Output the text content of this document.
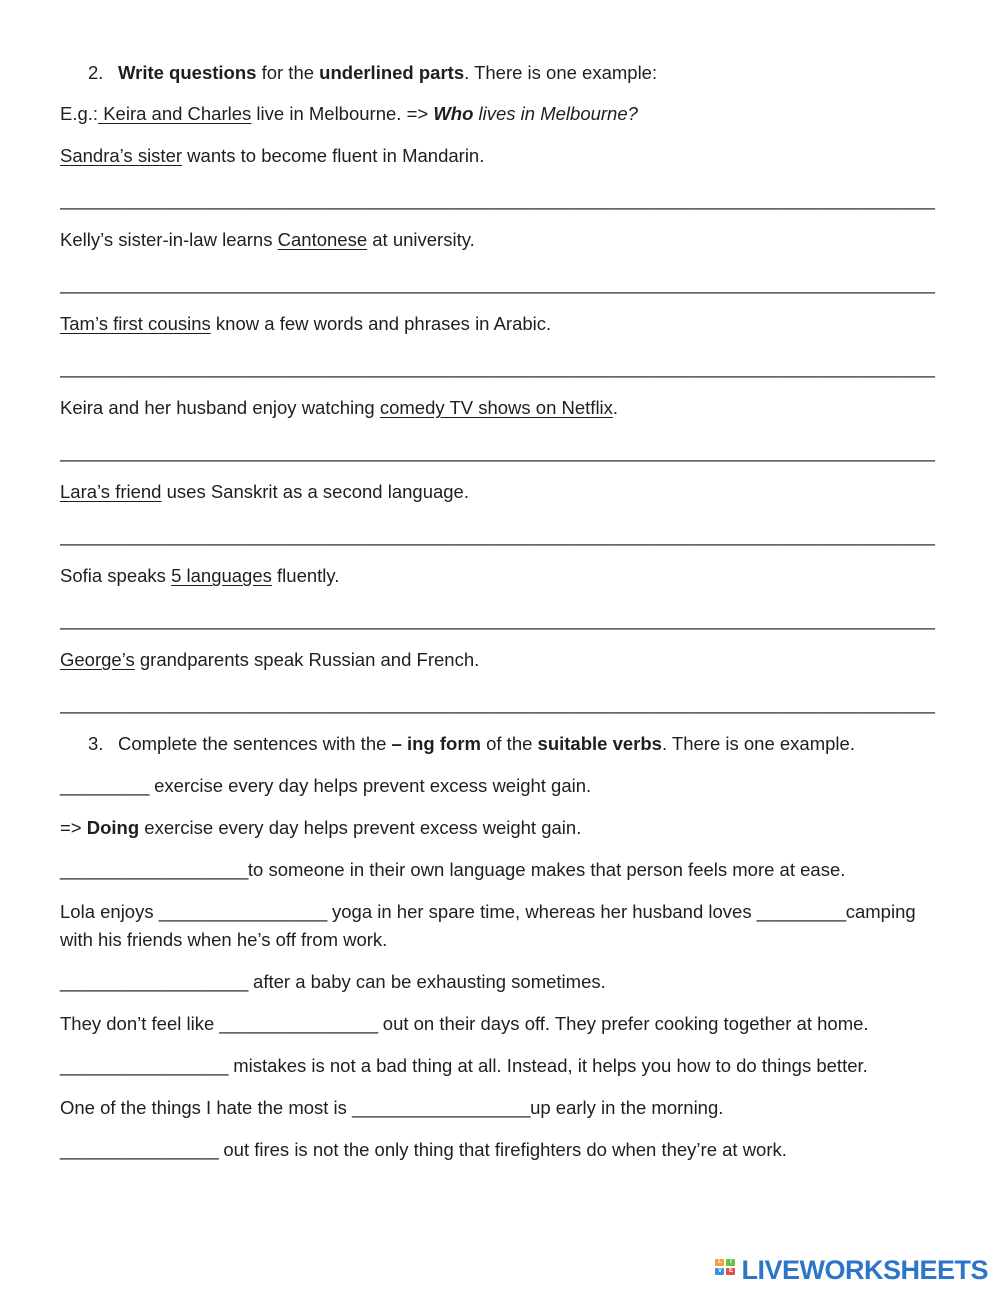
2. Write questions for the underlined parts. There is one example:
E.g.: Keira and Charles live in Melbourne. => Who lives in Melbourne?
Sandra’s sister wants to become fluent in Mandarin.
________________________________________________________________________________________
Kelly’s sister-in-law learns Cantonese at university.
________________________________________________________________________________________
Tam’s first cousins know a few words and phrases in Arabic.
________________________________________________________________________________________
Keira and her husband enjoy watching comedy TV shows on Netflix.
________________________________________________________________________________________
Lara’s friend uses Sanskrit as a second language.
________________________________________________________________________________________
Sofia speaks 5 languages fluently.
________________________________________________________________________________________
George’s grandparents speak Russian and French.
________________________________________________________________________________________
3. Complete the sentences with the – ing form of the suitable verbs. There is one example.
_________ exercise every day helps prevent excess weight gain.
=> Doing exercise every day helps prevent excess weight gain.
___________________to someone in their own language makes that person feels more at ease.
Lola enjoys _________________ yoga in her spare time, whereas her husband loves _________camping with his friends when he’s off from work.
___________________ after a baby can be exhausting sometimes.
They don’t feel like ________________ out on their days off. They prefer cooking together at home.
_________________ mistakes is not a bad thing at all. Instead, it helps you how to do things better.
One of the things I hate the most is __________________up early in the morning.
________________ out fires is not the only thing that firefighters do when they’re at work.
L	I
V	E LIVEWORKSHEETS
